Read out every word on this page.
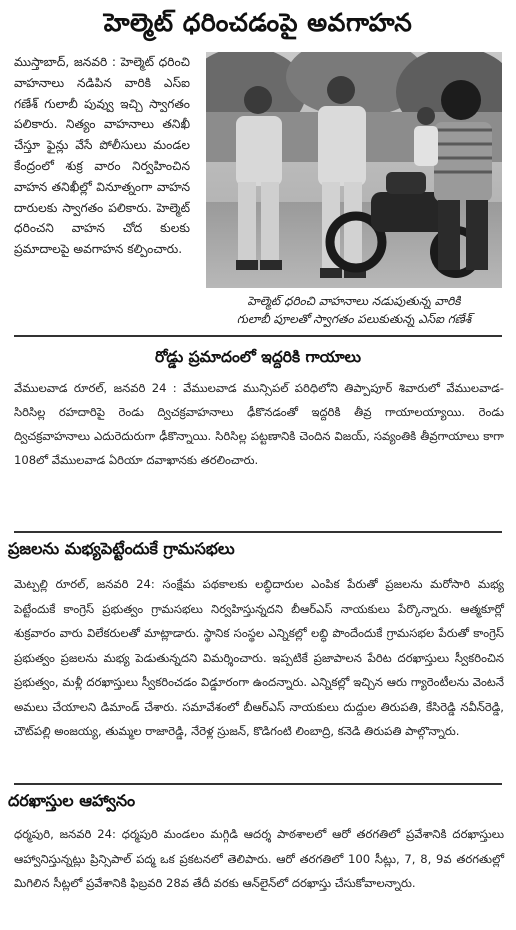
హెల్మెట్ ధరించడంపై అవగాహన
ముస్తాబాద్, జనవరి : హెల్మెట్ ధరించి వాహనాలు నడిపిన వారికి ఎస్ఐ గణేశ్ గులాబీ పువ్వు ఇచ్చి స్వాగతం పలికారు. నిత్యం వాహనాలు తనిఖీ చేస్తూ ఫైన్లు వేసే పోలీసులు మండల కేంద్రంలో శుక్ర వారం నిర్వహించిన వాహన తనిఖీల్లో వినూత్నంగా వాహన దారులకు స్వాగతం పలికారు. హెల్మెట్ ధరించని వాహన చోద కులకు ప్రమాదాలపై అవగాహన కల్పించారు.
హెల్మెట్ ధరించి వాహనాలు నడుపుతున్న వారికి
గులాబీ పూలతో స్వాగతం పలుకుతున్న ఎస్ఐ గణేశ్
రోడ్డు ప్రమాదంలో ఇద్దరికి గాయాలు
వేములవాడ రూరల్, జనవరి 24 : వేములవాడ మున్సిపల్ పరిధిలోని తిప్పాపూర్ శివారులో వేములవాడ-సిరిసిల్ల రహదారిపై రెండు ద్విచక్రవాహనాలు ఢీకొనడంతో ఇద్దరికి తీవ్ర గాయాలయ్యాయి. రెండు ద్విచక్రవాహనాలు ఎదురెదురుగా ఢీకొన్నాయి. సిరిసిల్ల పట్టణానికి చెందిన విజయ్, సవ్యంతికి తీవ్రగాయాలు కాగా 108లో వేములవాడ ఏరియా దవాఖానకు తరలించారు.
ప్రజలను మభ్యపెట్టేందుకే గ్రామసభలు
మెట్పల్లి రూరల్, జనవరి 24: సంక్షేమ పథకాలకు లబ్ధిదారుల ఎంపిక పేరుతో ప్రజలను మరోసారి మభ్య పెట్టేందుకే కాంగ్రెస్ ప్రభుత్వం గ్రామసభలు నిర్వహిస్తున్నదని బీఆర్ఎస్ నాయకులు పేర్కొన్నారు. ఆత్మకూర్లో శుక్రవారం వారు విలేకరులతో మాట్లాడారు. స్థానిక సంస్థల ఎన్నికల్లో లబ్ధి పొందేందుకే గ్రామసభల పేరుతో కాంగ్రెస్ ప్రభుత్వం ప్రజలను మభ్య పెడుతున్నదని విమర్శించారు. ఇప్పటికే ప్రజాపాలన పేరిట దరఖాస్తులు స్వీకరించిన ప్రభుత్వం, మళ్లీ దరఖాస్తులు స్వీకరించడం విడ్డూరంగా ఉందన్నారు. ఎన్నికల్లో ఇచ్చిన ఆరు గ్యారెంటీలను వెంటనే అమలు చేయాలని డిమాండ్ చేశారు. సమావేశంలో బీఆర్ఎస్ నాయకులు దుద్దుల తిరుపతి, కేసిరెడ్డి నవీన్‌రెడ్డి, చౌట్‌పల్లి అంజయ్య, తుమ్మల రాజారెడ్డి, నేరెళ్ల స్రుజన్, కొడిగంటి లింబాద్రి, కనెడి తిరుపతి పాల్గొన్నారు.
దరఖాస్తుల ఆహ్వానం
ధర్మపురి, జనవరి 24: ధర్మపురి మండలం మగ్గిడి ఆదర్శ పాఠశాలలో ఆరో తరగతిలో ప్రవేశానికి దరఖాస్తులు ఆహ్వానిస్తున్నట్లు ప్రిన్సిపాల్ పద్మ ఒక ప్రకటనలో తెలిపారు. ఆరో తరగతిలో 100 సీట్లు, 7, 8, 9వ తరగతుల్లో మిగిలిన సీట్లలో ప్రవేశానికి ఫిబ్రవరి 28వ తేదీ వరకు ఆన్‌లైన్‌లో దరఖాస్తు చేసుకోవాలన్నారు.
